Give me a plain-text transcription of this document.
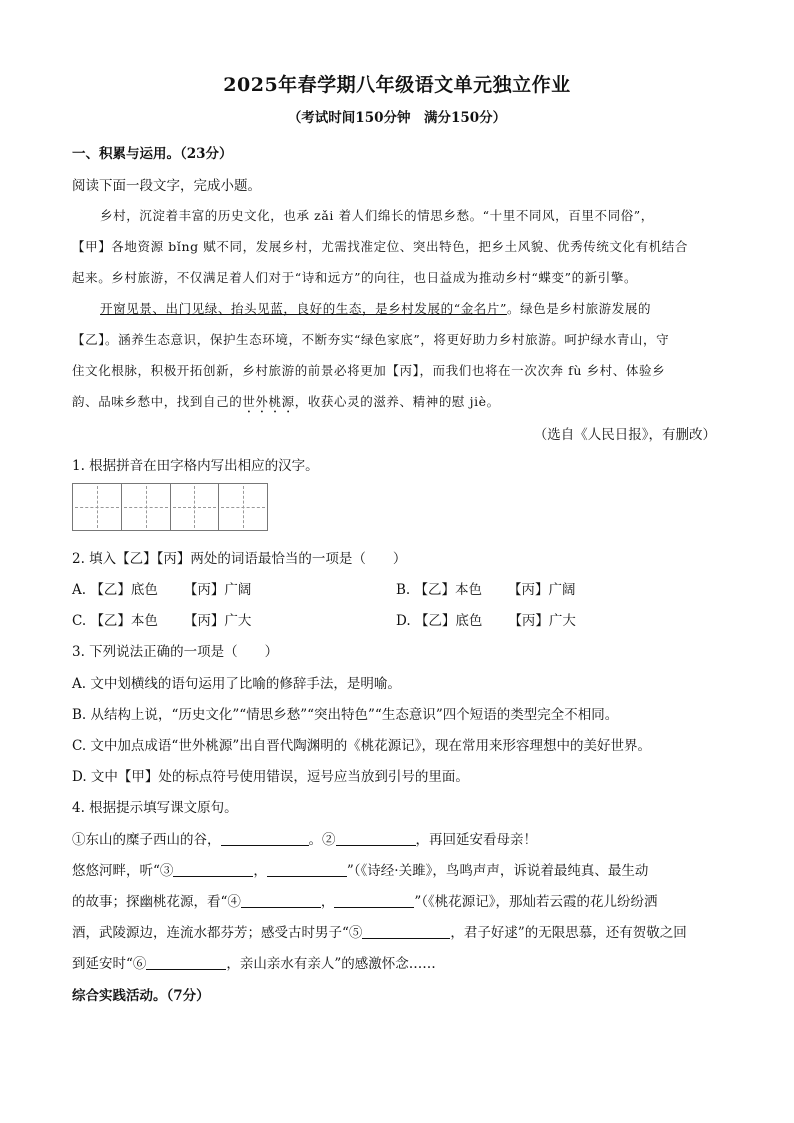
2025年春学期八年级语文单元独立作业
（考试时间150分钟　满分150分）
一、积累与运用。（23分）
阅读下面一段文字，完成小题。
乡村，沉淀着丰富的历史文化，也承 zǎi 着人们绵长的情思乡愁。“十里不同风，百里不同俗”，
【甲】各地资源 bǐng 赋不同，发展乡村，尤需找准定位、突出特色，把乡土风貌、优秀传统文化有机结合
起来。乡村旅游，不仅满足着人们对于“诗和远方”的向往，也日益成为推动乡村“蝶变”的新引擎。
开窗见景、出门见绿、抬头见蓝，良好的生态，是乡村发展的“金名片”。绿色是乡村旅游发展的
【乙】。涵养生态意识，保护生态环境，不断夯实“绿色家底”，将更好助力乡村旅游。呵护绿水青山，守
住文化根脉，积极开拓创新，乡村旅游的前景必将更加【丙】，而我们也将在一次次奔 fù 乡村、体验乡
韵、品味乡愁中，找到自己的世外桃源，收获心灵的滋养、精神的慰 jiè。
（选自《人民日报》，有删改）
1. 根据拼音在田字格内写出相应的汉字。
2. 填入【乙】【丙】两处的词语最恰当的一项是（　　）
A. 【乙】底色 【丙】广阔	B. 【乙】本色 【丙】广阔
C. 【乙】本色 【丙】广大	D. 【乙】底色 【丙】广大
3. 下列说法正确的一项是（　　）
A. 文中划横线的语句运用了比喻的修辞手法，是明喻。
B. 从结构上说，“历史文化”“情思乡愁”“突出特色”“生态意识”四个短语的类型完全不相同。
C. 文中加点成语“世外桃源”出自晋代陶渊明的《桃花源记》，现在常用来形容理想中的美好世界。
D. 文中【甲】处的标点符号使用错误，逗号应当放到引号的里面。
4. 根据提示填写课文原句。
①东山的糜子西山的谷，	。②	，再回延安看母亲！
悠悠河畔，听“③	，	”（《诗经·关雎》，鸟鸣声声，诉说着最纯真、最生动
的故事；探幽桃花源，看“④	，	”（《桃花源记》，那灿若云霞的花儿纷纷洒
酒，武陵源边，连流水都芬芳；感受古时男子“⑤	，君子好逑”的无限思慕，还有贺敬之回
到延安时“⑥	，亲山亲水有亲人”的感激怀念……
综合实践活动。（7分）
